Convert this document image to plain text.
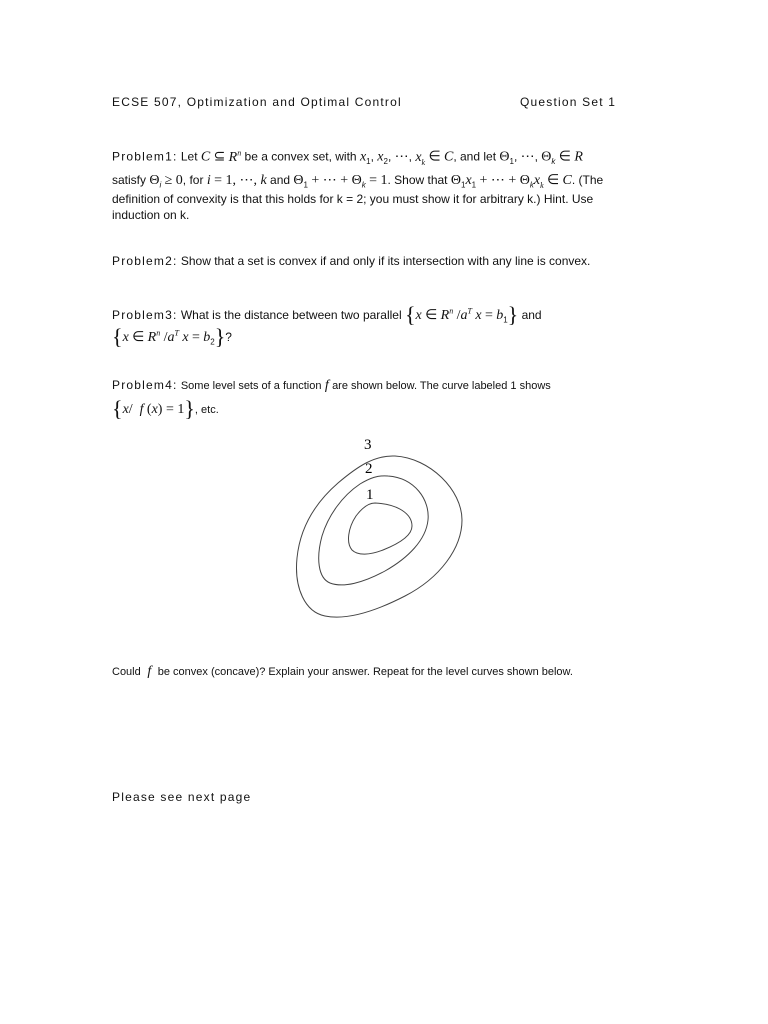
ECSE 507, Optimization and Optimal Control	Question Set 1
Problem1: Let C ⊆ $R^n$ be a convex set, with $x_1$, $x_2$, ⋯, $x_k$ ∈ C, and let $\Theta_1$, ⋯, $\Theta_k$ ∈ R
satisfy $\Theta_i \ge 0$, for i = 1, ⋯, k and $\Theta_1$ + ⋯ + $\Theta_k = 1$. Show that $\Theta_1x_1$ + ⋯ + $\Theta_kx_k$ ∈ C. (The
definition of convexity is that this holds for k = 2; you must show it for arbitrary k.) Hint. Use
induction on k.
Problem2: Show that a set is convex if and only if its intersection with any line is convex.
Problem3: What is the distance between two parallel {x ∈ $R^n$ $/a^T$ $x = b_1$} and
{x ∈ $R^n$ $/a^T$ $x = b_2$}?
Problem4: Some level sets of a function f are shown below. The curve labeled 1 shows
{x/  f (x) = 1}, etc.
3
2
1
Could  f  be convex (concave)? Explain your answer. Repeat for the level curves shown below.
Please see next page
